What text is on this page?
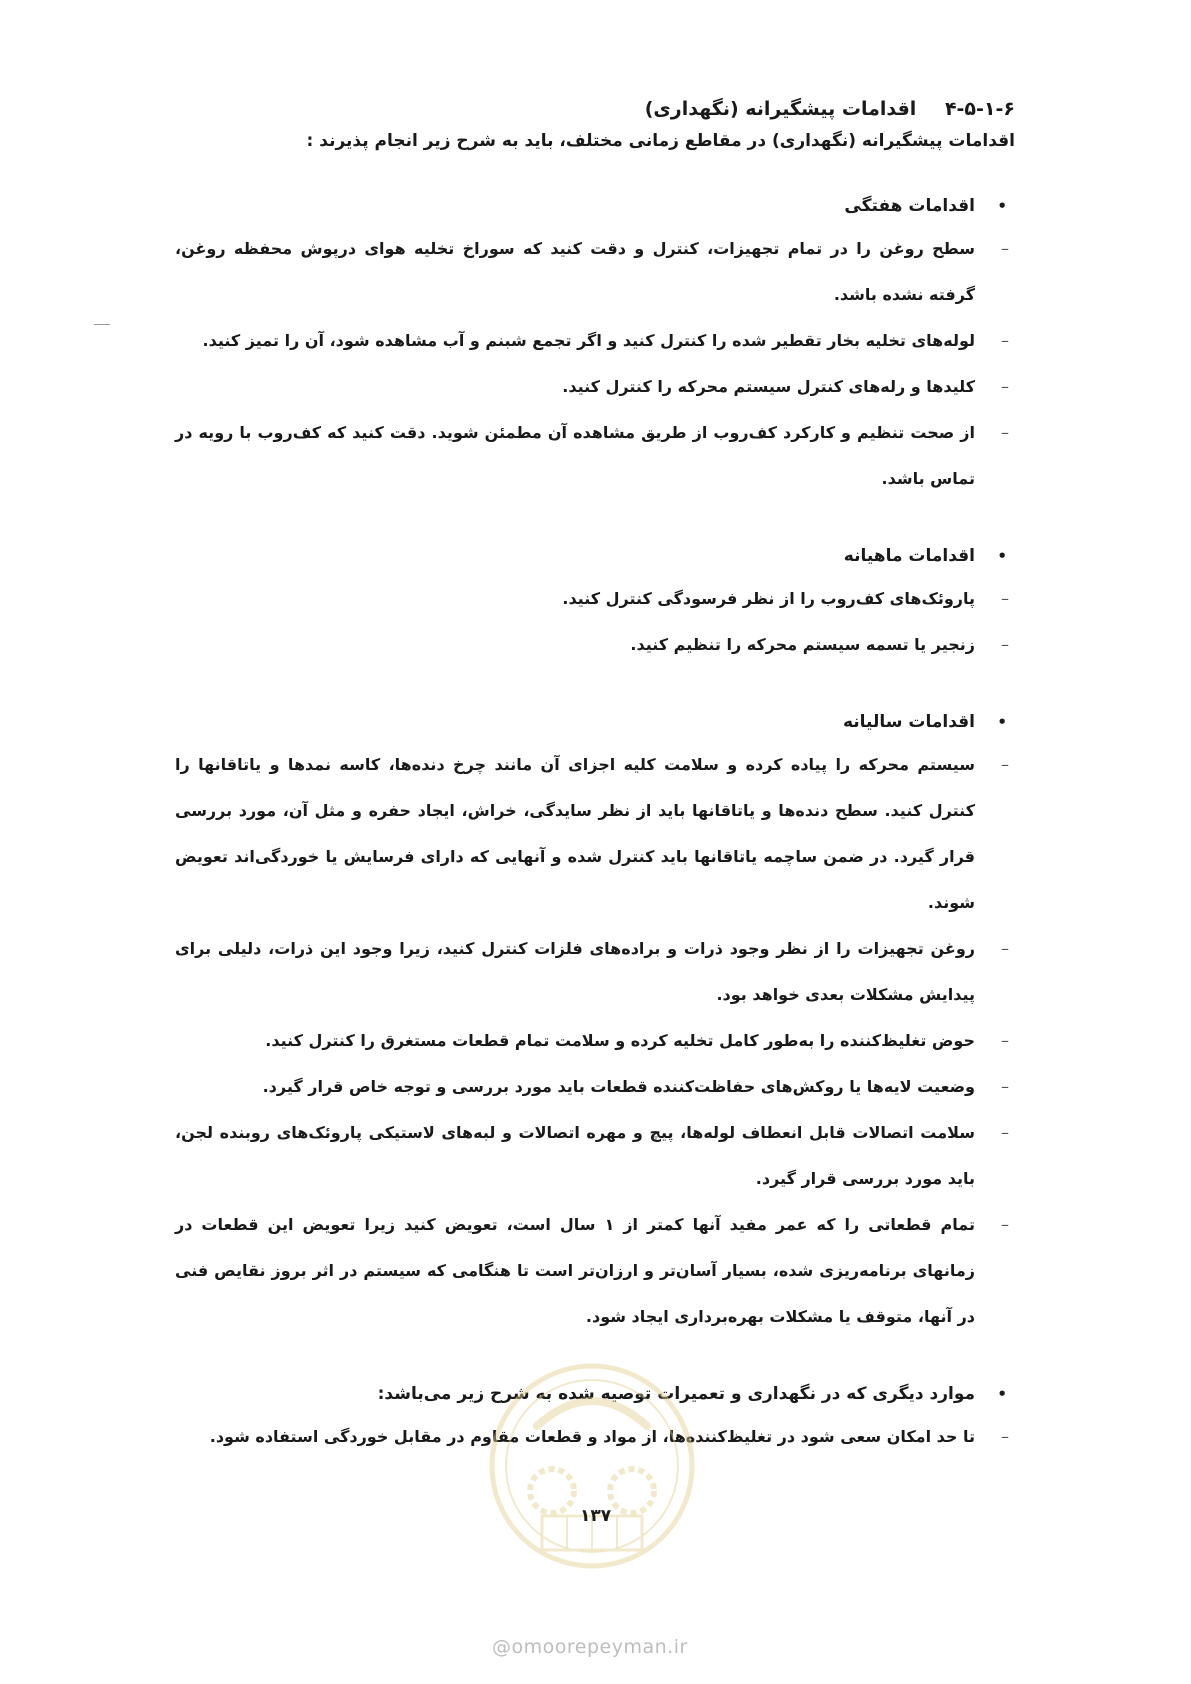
۴-۵-۱-۶ اقدامات پیشگیرانه (نگهداری)

اقدامات پیشگیرانه (نگهداری) در مقاطع زمانی مختلف، باید به شرح زیر انجام پذیرند :

•
اقدامات هفتگی
–
سطح روغن را در تمام تجهیزات، کنترل و دقت کنید که سوراخ تخلیه هوای درپوش محفظه روغن، گرفته نشده باشد.
–
لوله‌های تخلیه بخار تقطیر شده را کنترل کنید و اگر تجمع شبنم و آب مشاهده شود، آن را تمیز کنید.
–
کلیدها و رله‌های کنترل سیستم محرکه را کنترل کنید.
–
از صحت تنظیم و کارکرد کف‌روب از طریق مشاهده آن مطمئن شوید. دقت کنید که کف‌روب با رویه در تماس باشد.
•
اقدامات ماهیانه
–
پاروئک‌های کف‌روب را از نظر فرسودگی کنترل کنید.
–
زنجیر یا تسمه سیستم محرکه را تنظیم کنید.
•
اقدامات سالیانه
–
سیستم محرکه را پیاده کرده و سلامت کلیه اجزای آن مانند چرخ دنده‌ها، کاسه نمدها و یاتاقانها را کنترل کنید. سطح دنده‌ها و یاتاقانها باید از نظر سایدگی، خراش، ایجاد حفره و مثل آن، مورد بررسی قرار گیرد. در ضمن ساچمه یاتاقانها باید کنترل شده و آنهایی که دارای فرسایش یا خوردگی‌اند تعویض شوند.
–
روغن تجهیزات را از نظر وجود ذرات و براده‌های فلزات کنترل کنید، زیرا وجود این ذرات، دلیلی برای پیدایش مشکلات بعدی خواهد بود.
–
حوض تغلیظ‌کننده را به‌طور کامل تخلیه کرده و سلامت تمام قطعات مستغرق را کنترل کنید.
–
وضعیت لایه‌ها یا روکش‌های حفاظت‌کننده قطعات باید مورد بررسی و توجه خاص قرار گیرد.
–
سلامت اتصالات قابل انعطاف لوله‌ها، پیچ و مهره اتصالات و لبه‌های لاستیکی پاروئک‌های روبنده لجن، باید مورد بررسی قرار گیرد.
–
تمام قطعاتی را که عمر مفید آنها کمتر از ۱ سال است، تعویض کنید زیرا تعویض این قطعات در زمانهای برنامه‌ریزی شده، بسیار آسان‌تر و ارزان‌تر است تا هنگامی که سیستم در اثر بروز نقایص فنی در آنها، متوقف یا مشکلات بهره‌برداری ایجاد شود.
•
موارد دیگری که در نگهداری و تعمیرات توصیه شده به شرح زیر می‌باشد:
–
تا حد امکان سعی شود در تغلیظ‌کننده‌ها، از مواد و قطعات مقاوم در مقابل خوردگی استفاده شود.
۱۳۷
@omoorepeyman.ir
